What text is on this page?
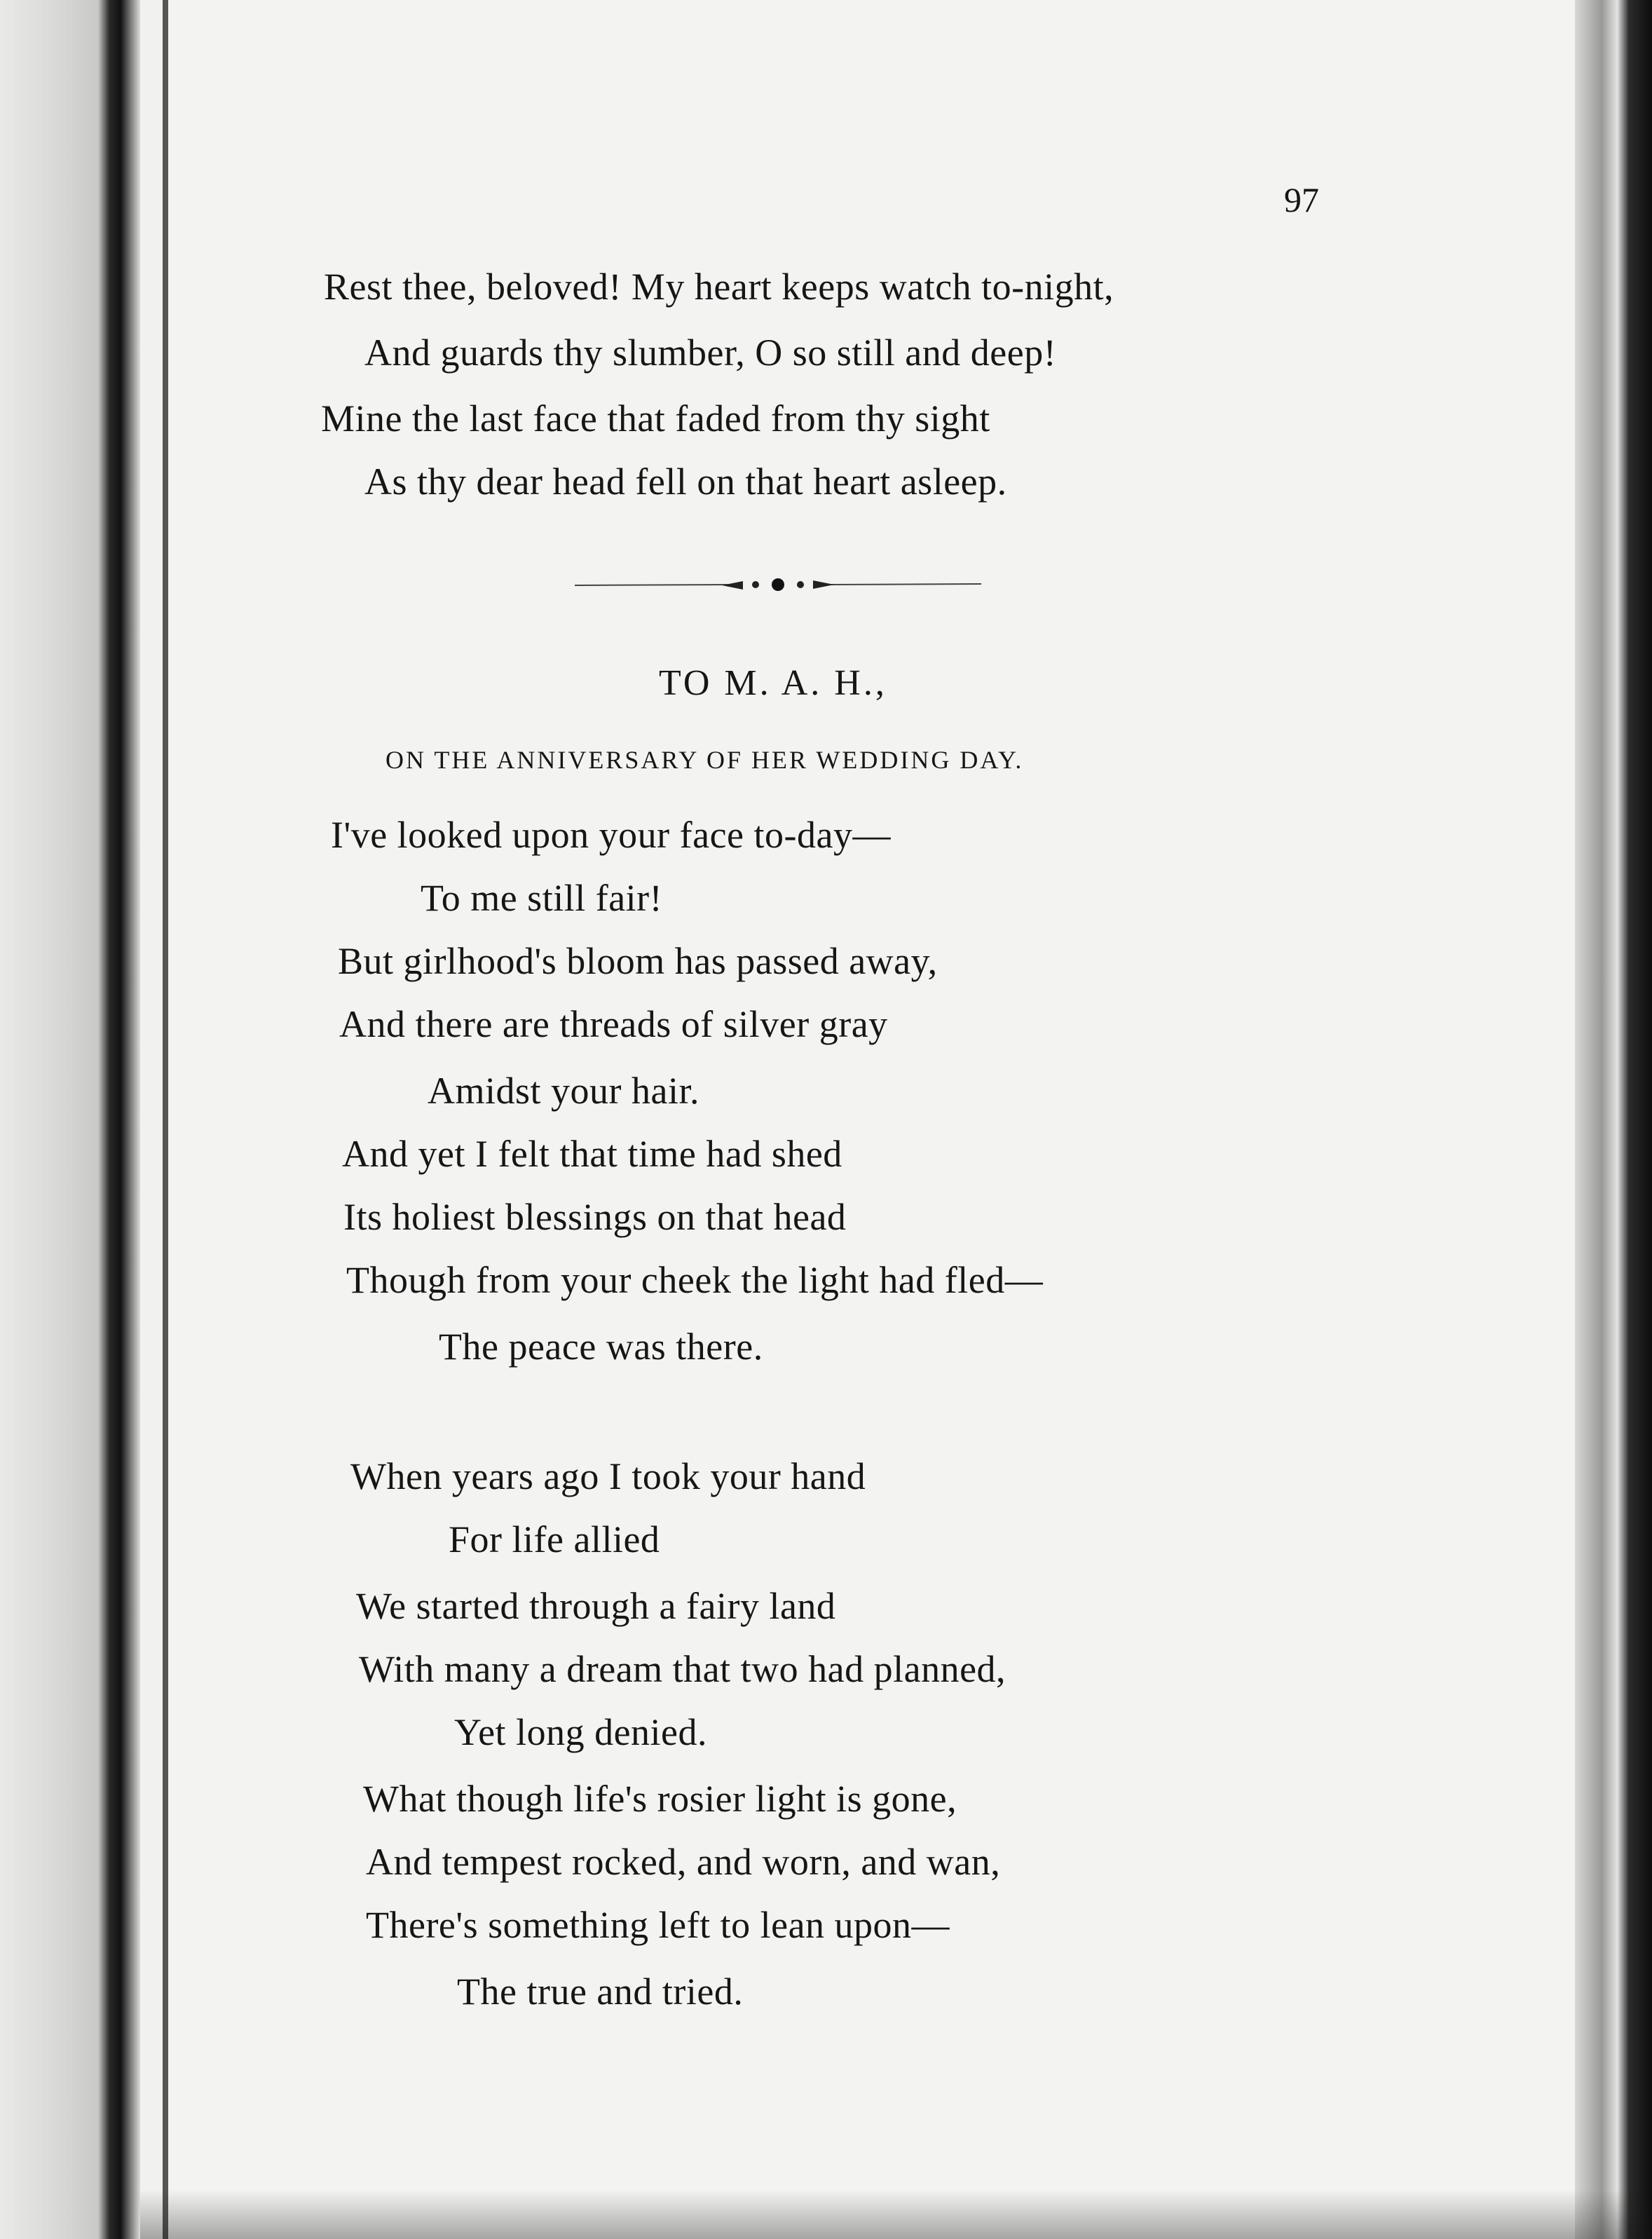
97
Rest thee, beloved! My heart keeps watch to-night,
And guards thy slumber, O so still and deep!
Mine the last face that faded from thy sight
As thy dear head fell on that heart asleep.
TO M. A. H.,
ON THE ANNIVERSARY OF HER WEDDING DAY.
I've looked upon your face to-day—
To me still fair!
But girlhood's bloom has passed away,
And there are threads of silver gray
Amidst your hair.
And yet I felt that time had shed
Its holiest blessings on that head
Though from your cheek the light had fled—
The peace was there.
When years ago I took your hand
For life allied
We started through a fairy land
With many a dream that two had planned,
Yet long denied.
What though life's rosier light is gone,
And tempest rocked, and worn, and wan,
There's something left to lean upon—
The true and tried.
